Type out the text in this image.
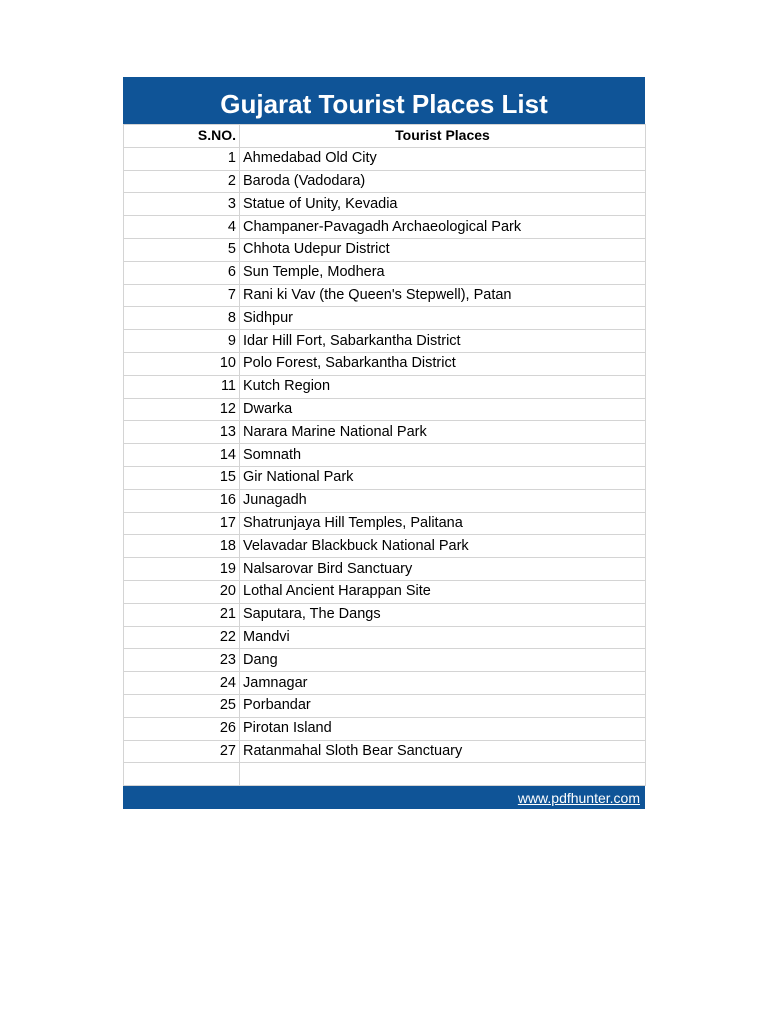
Gujarat Tourist Places List
S.NO.	Tourist Places
1	Ahmedabad Old City
2	Baroda (Vadodara)
3	Statue of Unity, Kevadia
4	Champaner-Pavagadh Archaeological Park
5	Chhota Udepur District
6	Sun Temple, Modhera
7	Rani ki Vav (the Queen's Stepwell), Patan
8	Sidhpur
9	Idar Hill Fort, Sabarkantha District
10	Polo Forest, Sabarkantha District
11	Kutch Region
12	Dwarka
13	Narara Marine National Park
14	Somnath
15	Gir National Park
16	Junagadh
17	Shatrunjaya Hill Temples, Palitana
18	Velavadar Blackbuck National Park
19	Nalsarovar Bird Sanctuary
20	Lothal Ancient Harappan Site
21	Saputara, The Dangs
22	Mandvi
23	Dang
24	Jamnagar
25	Porbandar
26	Pirotan Island
27	Ratanmahal Sloth Bear Sanctuary

www.pdfhunter.com
